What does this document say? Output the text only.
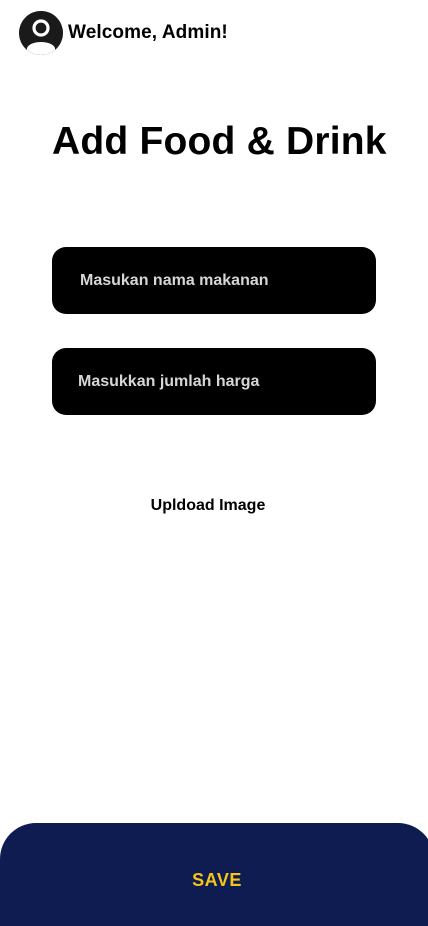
Welcome, Admin!
Add Food & Drink
Masukan nama makanan
Masukkan jumlah harga
Upldoad Image
SAVE
